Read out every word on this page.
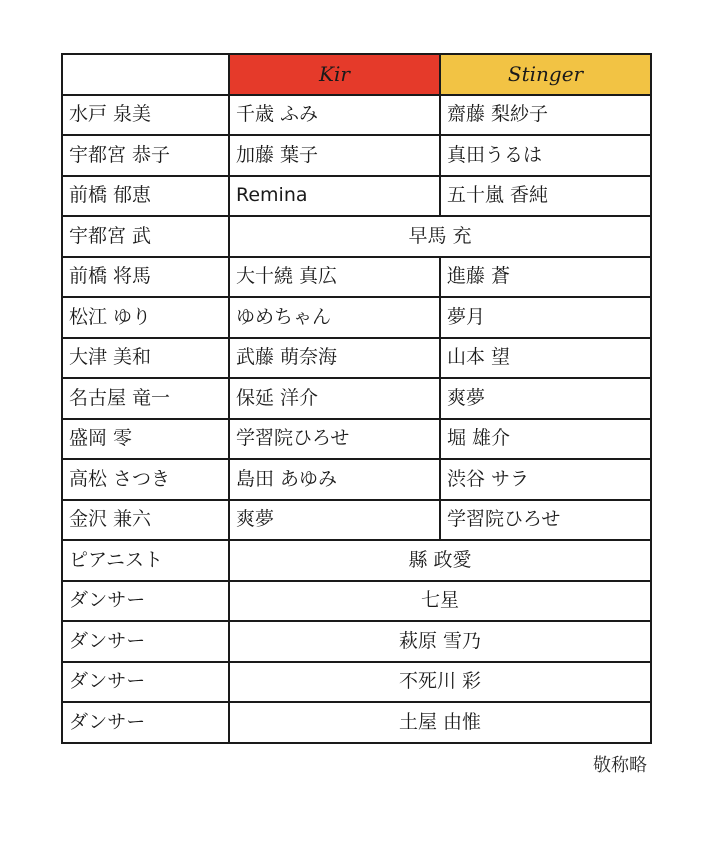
	Kir	Stinger
水戸 泉美	千歳 ふみ	齋藤 梨紗子
宇都宮 恭子	加藤 葉子	真田うるは
前橋 郁恵	Remina	五十嵐 香純
宇都宮 武	早馬 充	
前橋 将馬	大十繞 真広	進藤 蒼
松江 ゆり	ゆめちゃん	夢月
大津 美和	武藤 萌奈海	山本 望
名古屋 竜一	保延 洋介	爽夢
盛岡 零	学習院ひろせ	堀 雄介
高松 さつき	島田 あゆみ	渋谷 サラ
金沢 兼六	爽夢	学習院ひろせ
ピアニスト	縣 政愛	
ダンサー	七星	
ダンサー	萩原 雪乃	
ダンサー	不死川 彩	
ダンサー	土屋 由惟	
敬称略
